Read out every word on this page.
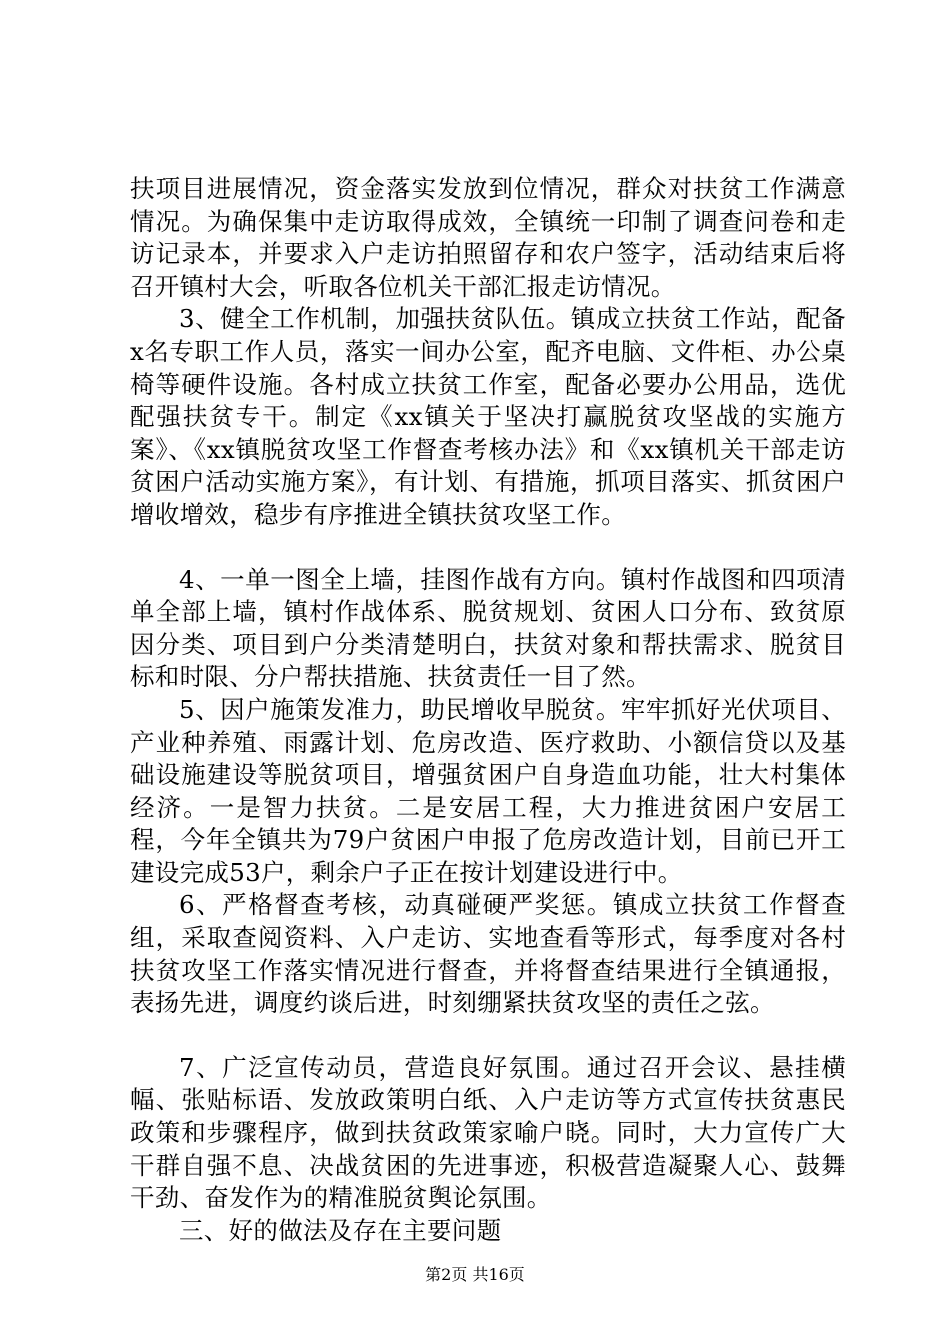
扶项目进展情况，资金落实发放到位情况，群众对扶贫工作满意情况。为确保集中走访取得成效，全镇统一印制了调查问卷和走访记录本，并要求入户走访拍照留存和农户签字，活动结束后将召开镇村大会，听取各位机关干部汇报走访情况。

3、健全工作机制，加强扶贫队伍。镇成立扶贫工作站，配备x名专职工作人员，落实一间办公室，配齐电脑、文件柜、办公桌椅等硬件设施。各村成立扶贫工作室，配备必要办公用品，选优配强扶贫专干。制定《xx镇关于坚决打赢脱贫攻坚战的实施方案》、《xx镇脱贫攻坚工作督查考核办法》和《xx镇机关干部走访贫困户活动实施方案》，有计划、有措施，抓项目落实、抓贫困户增收增效，稳步有序推进全镇扶贫攻坚工作。

4、一单一图全上墙，挂图作战有方向。镇村作战图和四项清单全部上墙，镇村作战体系、脱贫规划、贫困人口分布、致贫原因分类、项目到户分类清楚明白，扶贫对象和帮扶需求、脱贫目标和时限、分户帮扶措施、扶贫责任一目了然。

5、因户施策发准力，助民增收早脱贫。牢牢抓好光伏项目、产业种养殖、雨露计划、危房改造、医疗救助、小额信贷以及基础设施建设等脱贫项目，增强贫困户自身造血功能，壮大村集体经济。一是智力扶贫。二是安居工程，大力推进贫困户安居工程，今年全镇共为79户贫困户申报了危房改造计划，目前已开工建设完成53户，剩余户子正在按计划建设进行中。

6、严格督查考核，动真碰硬严奖惩。镇成立扶贫工作督查组，采取查阅资料、入户走访、实地查看等形式，每季度对各村扶贫攻坚工作落实情况进行督查，并将督查结果进行全镇通报，表扬先进，调度约谈后进，时刻绷紧扶贫攻坚的责任之弦。

7、广泛宣传动员，营造良好氛围。通过召开会议、悬挂横幅、张贴标语、发放政策明白纸、入户走访等方式宣传扶贫惠民政策和步骤程序，做到扶贫政策家喻户晓。同时，大力宣传广大干群自强不息、决战贫困的先进事迹，积极营造凝聚人心、鼓舞干劲、奋发作为的精准脱贫舆论氛围。

三、好的做法及存在主要问题

第2页 共16页
